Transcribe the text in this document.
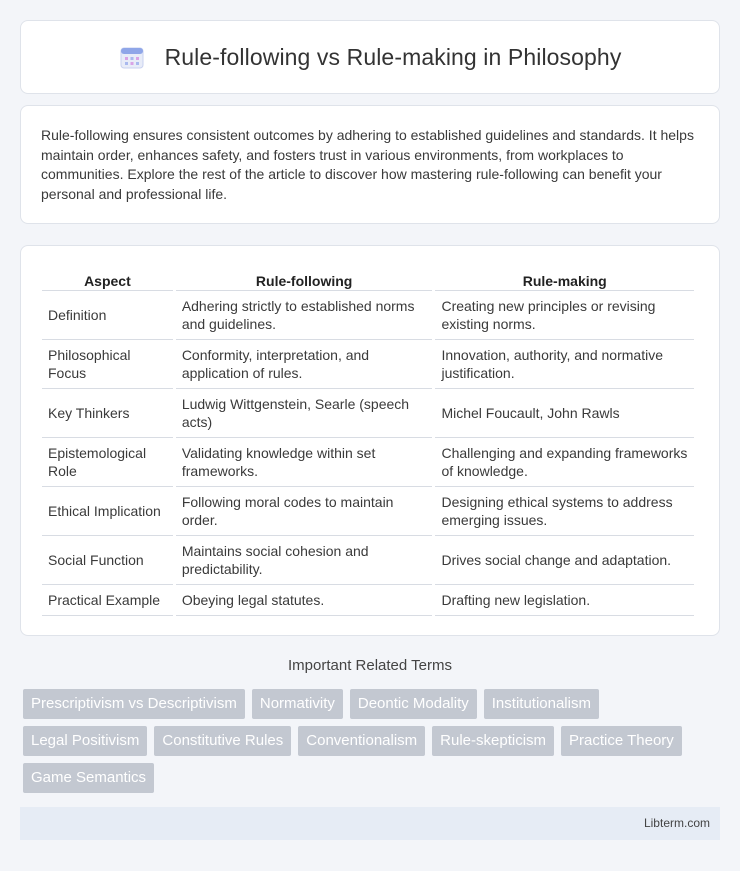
Rule-following vs Rule-making in Philosophy

Rule-following ensures consistent outcomes by adhering to established guidelines and standards. It helps maintain order, enhances safety, and fosters trust in various environments, from workplaces to communities. Explore the rest of the article to discover how mastering rule-following can benefit your personal and professional life.

Aspect	Rule-following	Rule-making
Definition	Adhering strictly to established norms and guidelines.	Creating new principles or revising existing norms.
Philosophical Focus	Conformity, interpretation, and application of rules.	Innovation, authority, and normative justification.
Key Thinkers	Ludwig Wittgenstein, Searle (speech acts)	Michel Foucault, John Rawls
Epistemological Role	Validating knowledge within set frameworks.	Challenging and expanding frameworks of knowledge.
Ethical Implication	Following moral codes to maintain order.	Designing ethical systems to address emerging issues.
Social Function	Maintains social cohesion and predictability.	Drives social change and adaptation.
Practical Example	Obeying legal statutes.	Drafting new legislation.
Important Related Terms
Prescriptivism vs Descriptivism	Normativity	Deontic Modality	Institutionalism
Legal Positivism	Constitutive Rules	Conventionalism	Rule-skepticism	Practice Theory
Game Semantics
Libterm.com
